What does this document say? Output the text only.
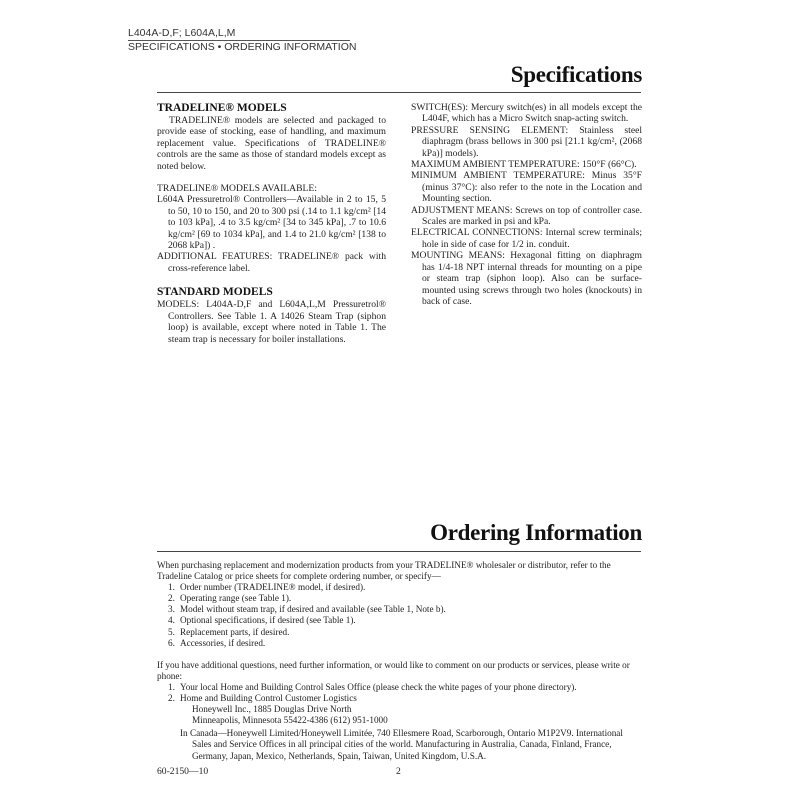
L404A-D,F; L604A,L,M
SPECIFICATIONS • ORDERING INFORMATION
Specifications
TRADELINE® MODELS

TRADELINE® models are selected and packaged to provide ease of stocking, ease of handling, and maximum replacement value. Specifications of TRADELINE® controls are the same as those of standard models except as noted below.

TRADELINE® MODELS AVAILABLE:

L604A Pressuretrol® Controllers—Available in 2 to 15, 5 to 50, 10 to 150, and 20 to 300 psi (.14 to 1.1 kg/cm² [14 to 103 kPa], .4 to 3.5 kg/cm² [34 to 345 kPa], .7 to 10.6 kg/cm² [69 to 1034 kPa], and 1.4 to 21.0 kg/cm² [138 to 2068 kPa]) .

ADDITIONAL FEATURES: TRADELINE® pack with cross-reference label.

STANDARD MODELS

MODELS: L404A-D,F and L604A,L,M Pressuretrol® Controllers. See Table 1. A 14026 Steam Trap (siphon loop) is available, except where noted in Table 1. The steam trap is necessary for boiler installations.

SWITCH(ES): Mercury switch(es) in all models except the L404F, which has a Micro Switch snap-acting switch.

PRESSURE SENSING ELEMENT: Stainless steel diaphragm (brass bellows in 300 psi [21.1 kg/cm², (2068 kPa)] models).

MAXIMUM AMBIENT TEMPERATURE: 150°F (66°C).

MINIMUM AMBIENT TEMPERATURE: Minus 35°F (minus 37°C): also refer to the note in the Location and Mounting section.

ADJUSTMENT MEANS: Screws on top of controller case. Scales are marked in psi and kPa.

ELECTRICAL CONNECTIONS: Internal screw terminals; hole in side of case for 1/2 in. conduit.

MOUNTING MEANS: Hexagonal fitting on diaphragm has 1/4-18 NPT internal threads for mounting on a pipe or steam trap (siphon loop). Also can be surface-mounted using screws through two holes (knockouts) in back of case.

Ordering Information

When purchasing replacement and modernization products from your TRADELINE® wholesaler or distributor, refer to the Tradeline Catalog or price sheets for complete ordering number, or specify—

1. Order number (TRADELINE® model, if desired).
2. Operating range (see Table 1).
3. Model without steam trap, if desired and available (see Table 1, Note b).
4. Optional specifications, if desired (see Table 1).
5. Replacement parts, if desired.
6. Accessories, if desired.

If you have additional questions, need further information, or would like to comment on our products or services, please write or phone:

1. Your local Home and Building Control Sales Office (please check the white pages of your phone directory).
2. Home and Building Control Customer Logistics
Honeywell Inc., 1885 Douglas Drive North
Minneapolis, Minnesota 55422-4386 (612) 951-1000
In Canada—Honeywell Limited/Honeywell Limitée, 740 Ellesmere Road, Scarborough, Ontario M1P2V9. International Sales and Service Offices in all principal cities of the world. Manufacturing in Australia, Canada, Finland, France, Germany, Japan, Mexico, Netherlands, Spain, Taiwan, United Kingdom, U.S.A.
60-2150—10	2
